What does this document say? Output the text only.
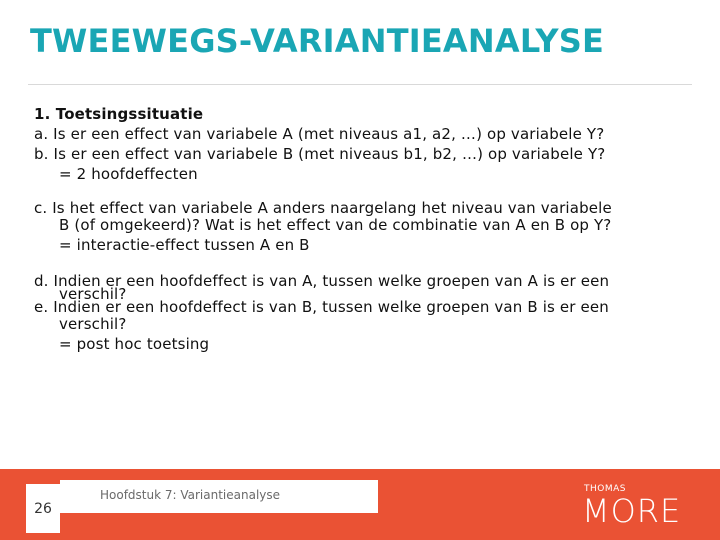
TWEEWEGS-VARIANTIEANALYSE
1. Toetsingssituatie
a. Is er een effect van variabele A (met niveaus a1, a2, …) op variabele Y?
b. Is er een effect van variabele B (met niveaus b1, b2, …) op variabele Y?
= 2 hoofdeffecten
c. Is het effect van variabele A anders naargelang het niveau van variabele
B (of omgekeerd)? Wat is het effect van de combinatie van A en B op Y?
= interactie-effect tussen A en B
d. Indien er een hoofdeffect is van A, tussen welke groepen van A is er een
verschil?
e. Indien er een hoofdeffect is van B, tussen welke groepen van B is er een
verschil?
= post hoc toetsing
Hoofdstuk 7: Variantieanalyse
26
THOMAS
MORE
